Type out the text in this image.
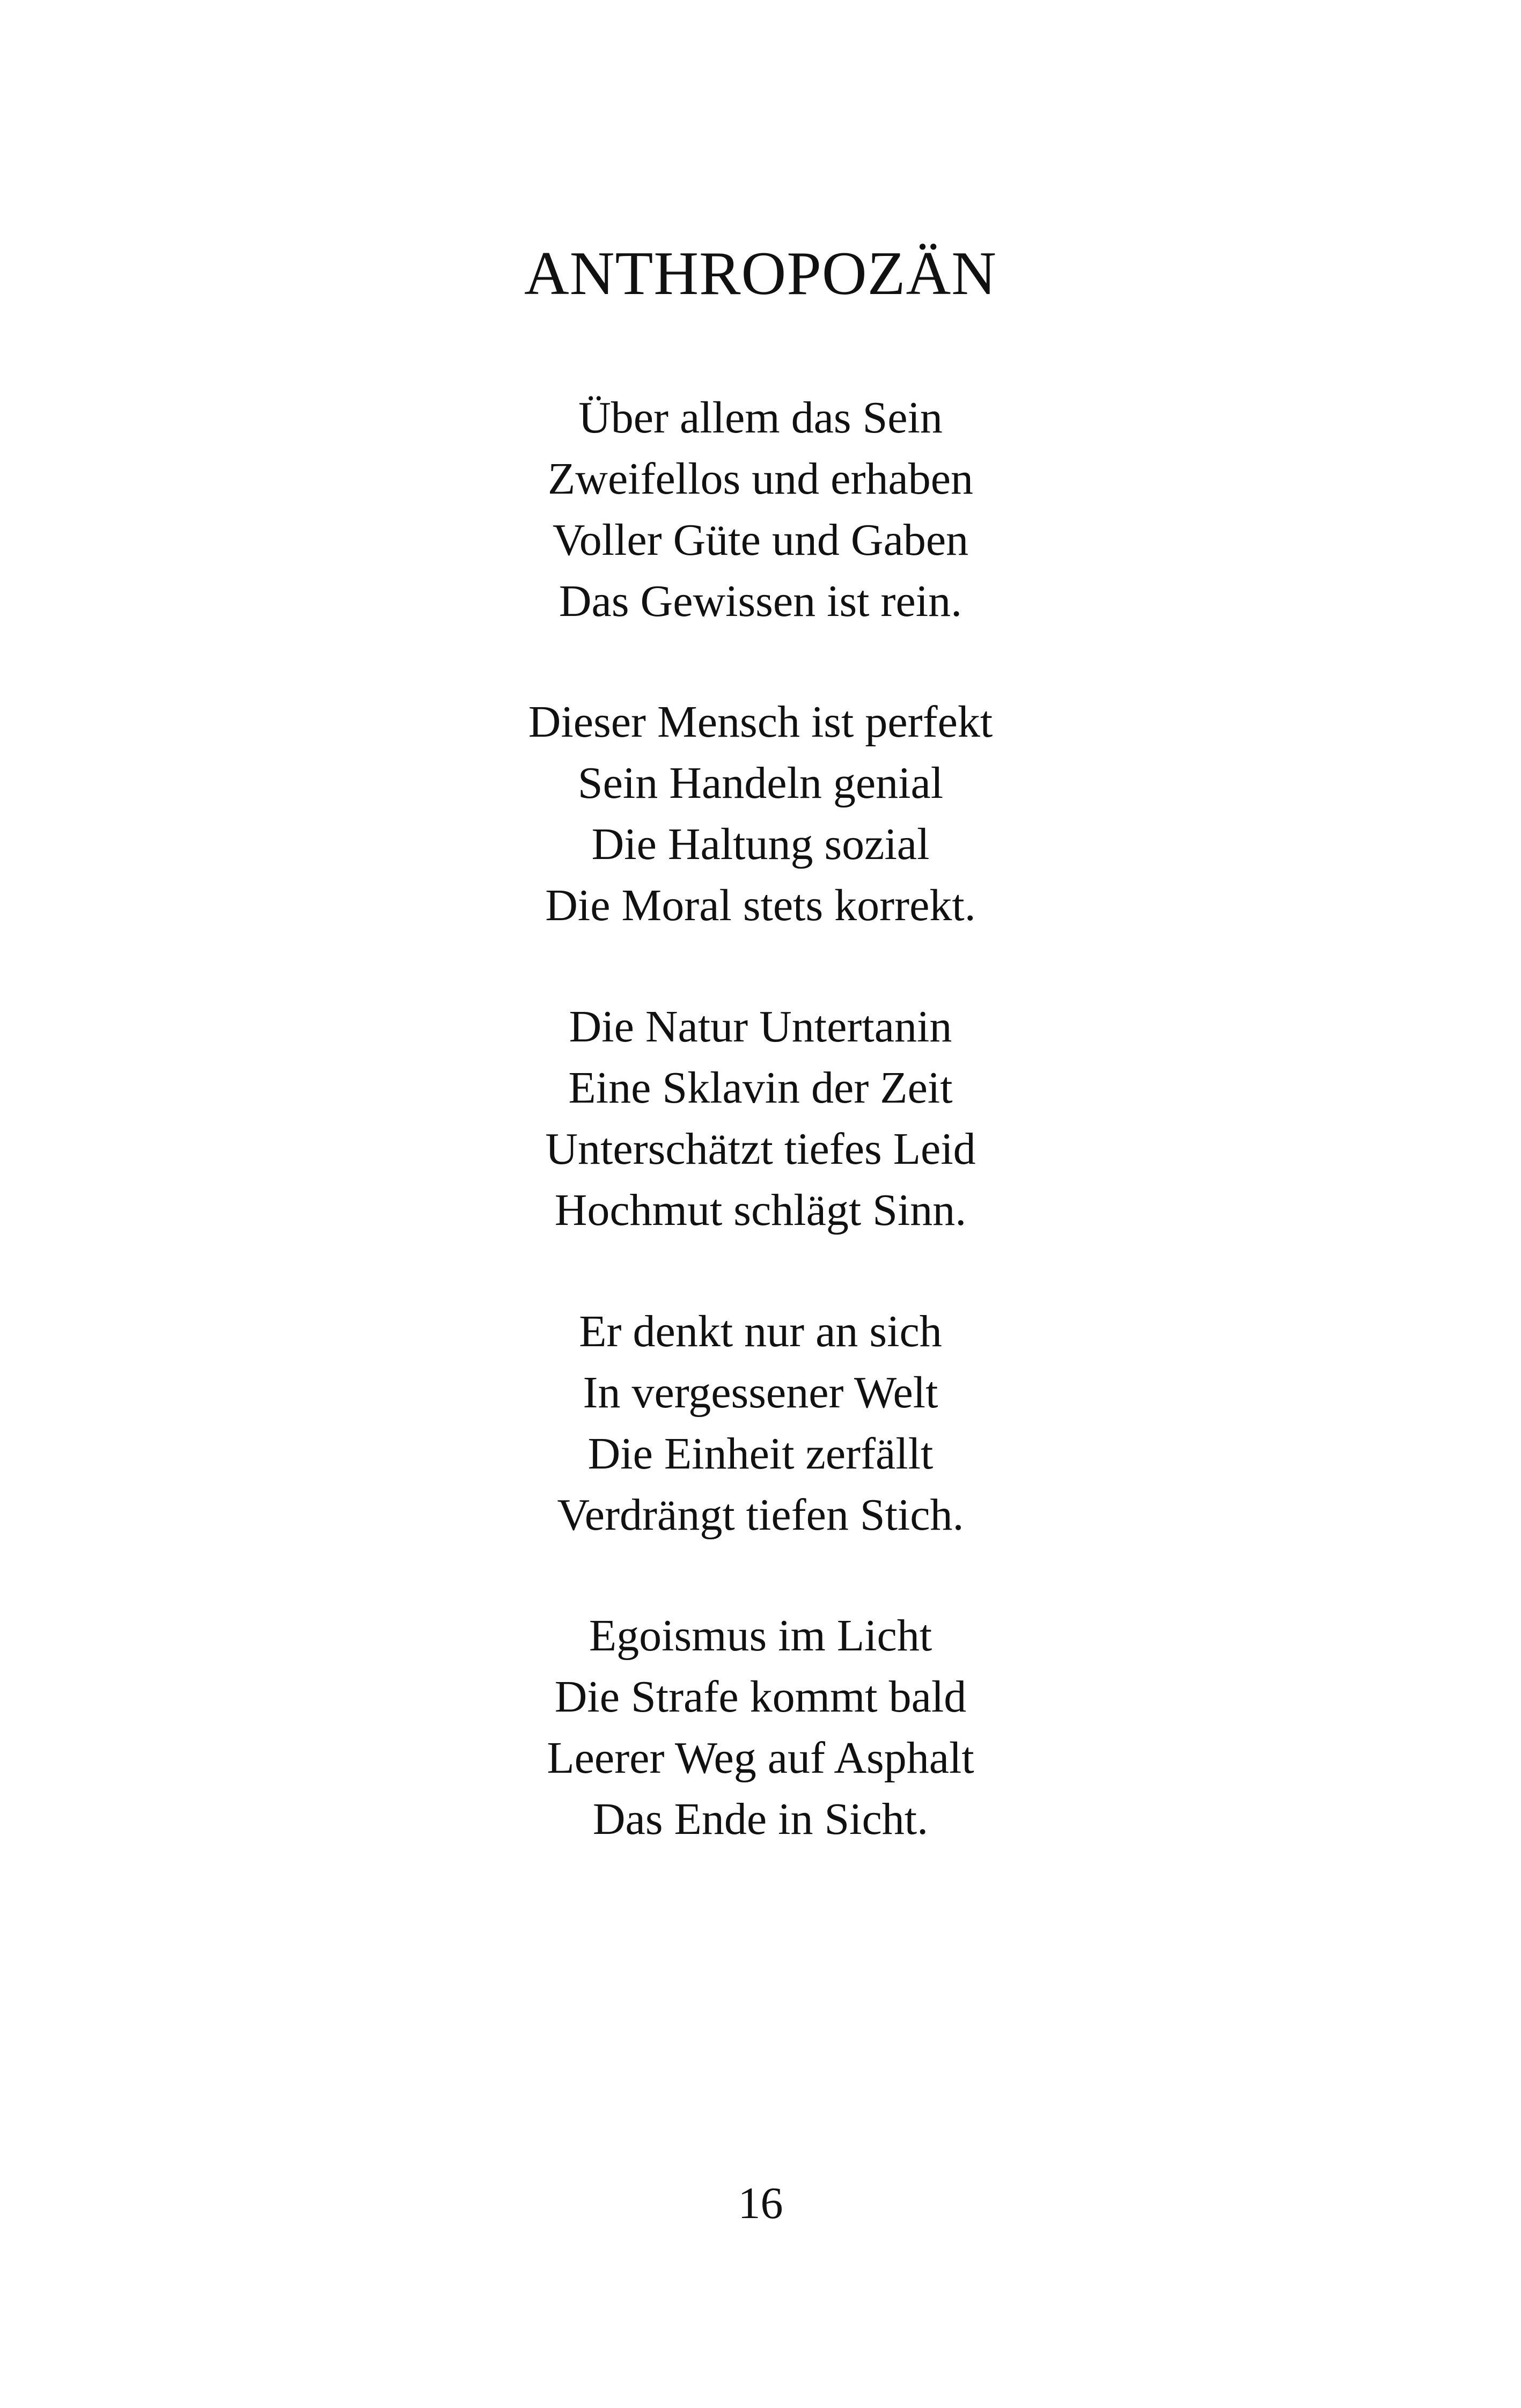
ANTHROPOZÄN
Über allem das Sein
Zweifellos und erhaben
Voller Güte und Gaben
Das Gewissen ist rein.
Dieser Mensch ist perfekt
Sein Handeln genial
Die Haltung sozial
Die Moral stets korrekt.
Die Natur Untertanin
Eine Sklavin der Zeit
Unterschätzt tiefes Leid
Hochmut schlägt Sinn.
Er denkt nur an sich
In vergessener Welt
Die Einheit zerfällt
Verdrängt tiefen Stich.
Egoismus im Licht
Die Strafe kommt bald
Leerer Weg auf Asphalt
Das Ende in Sicht.
16
